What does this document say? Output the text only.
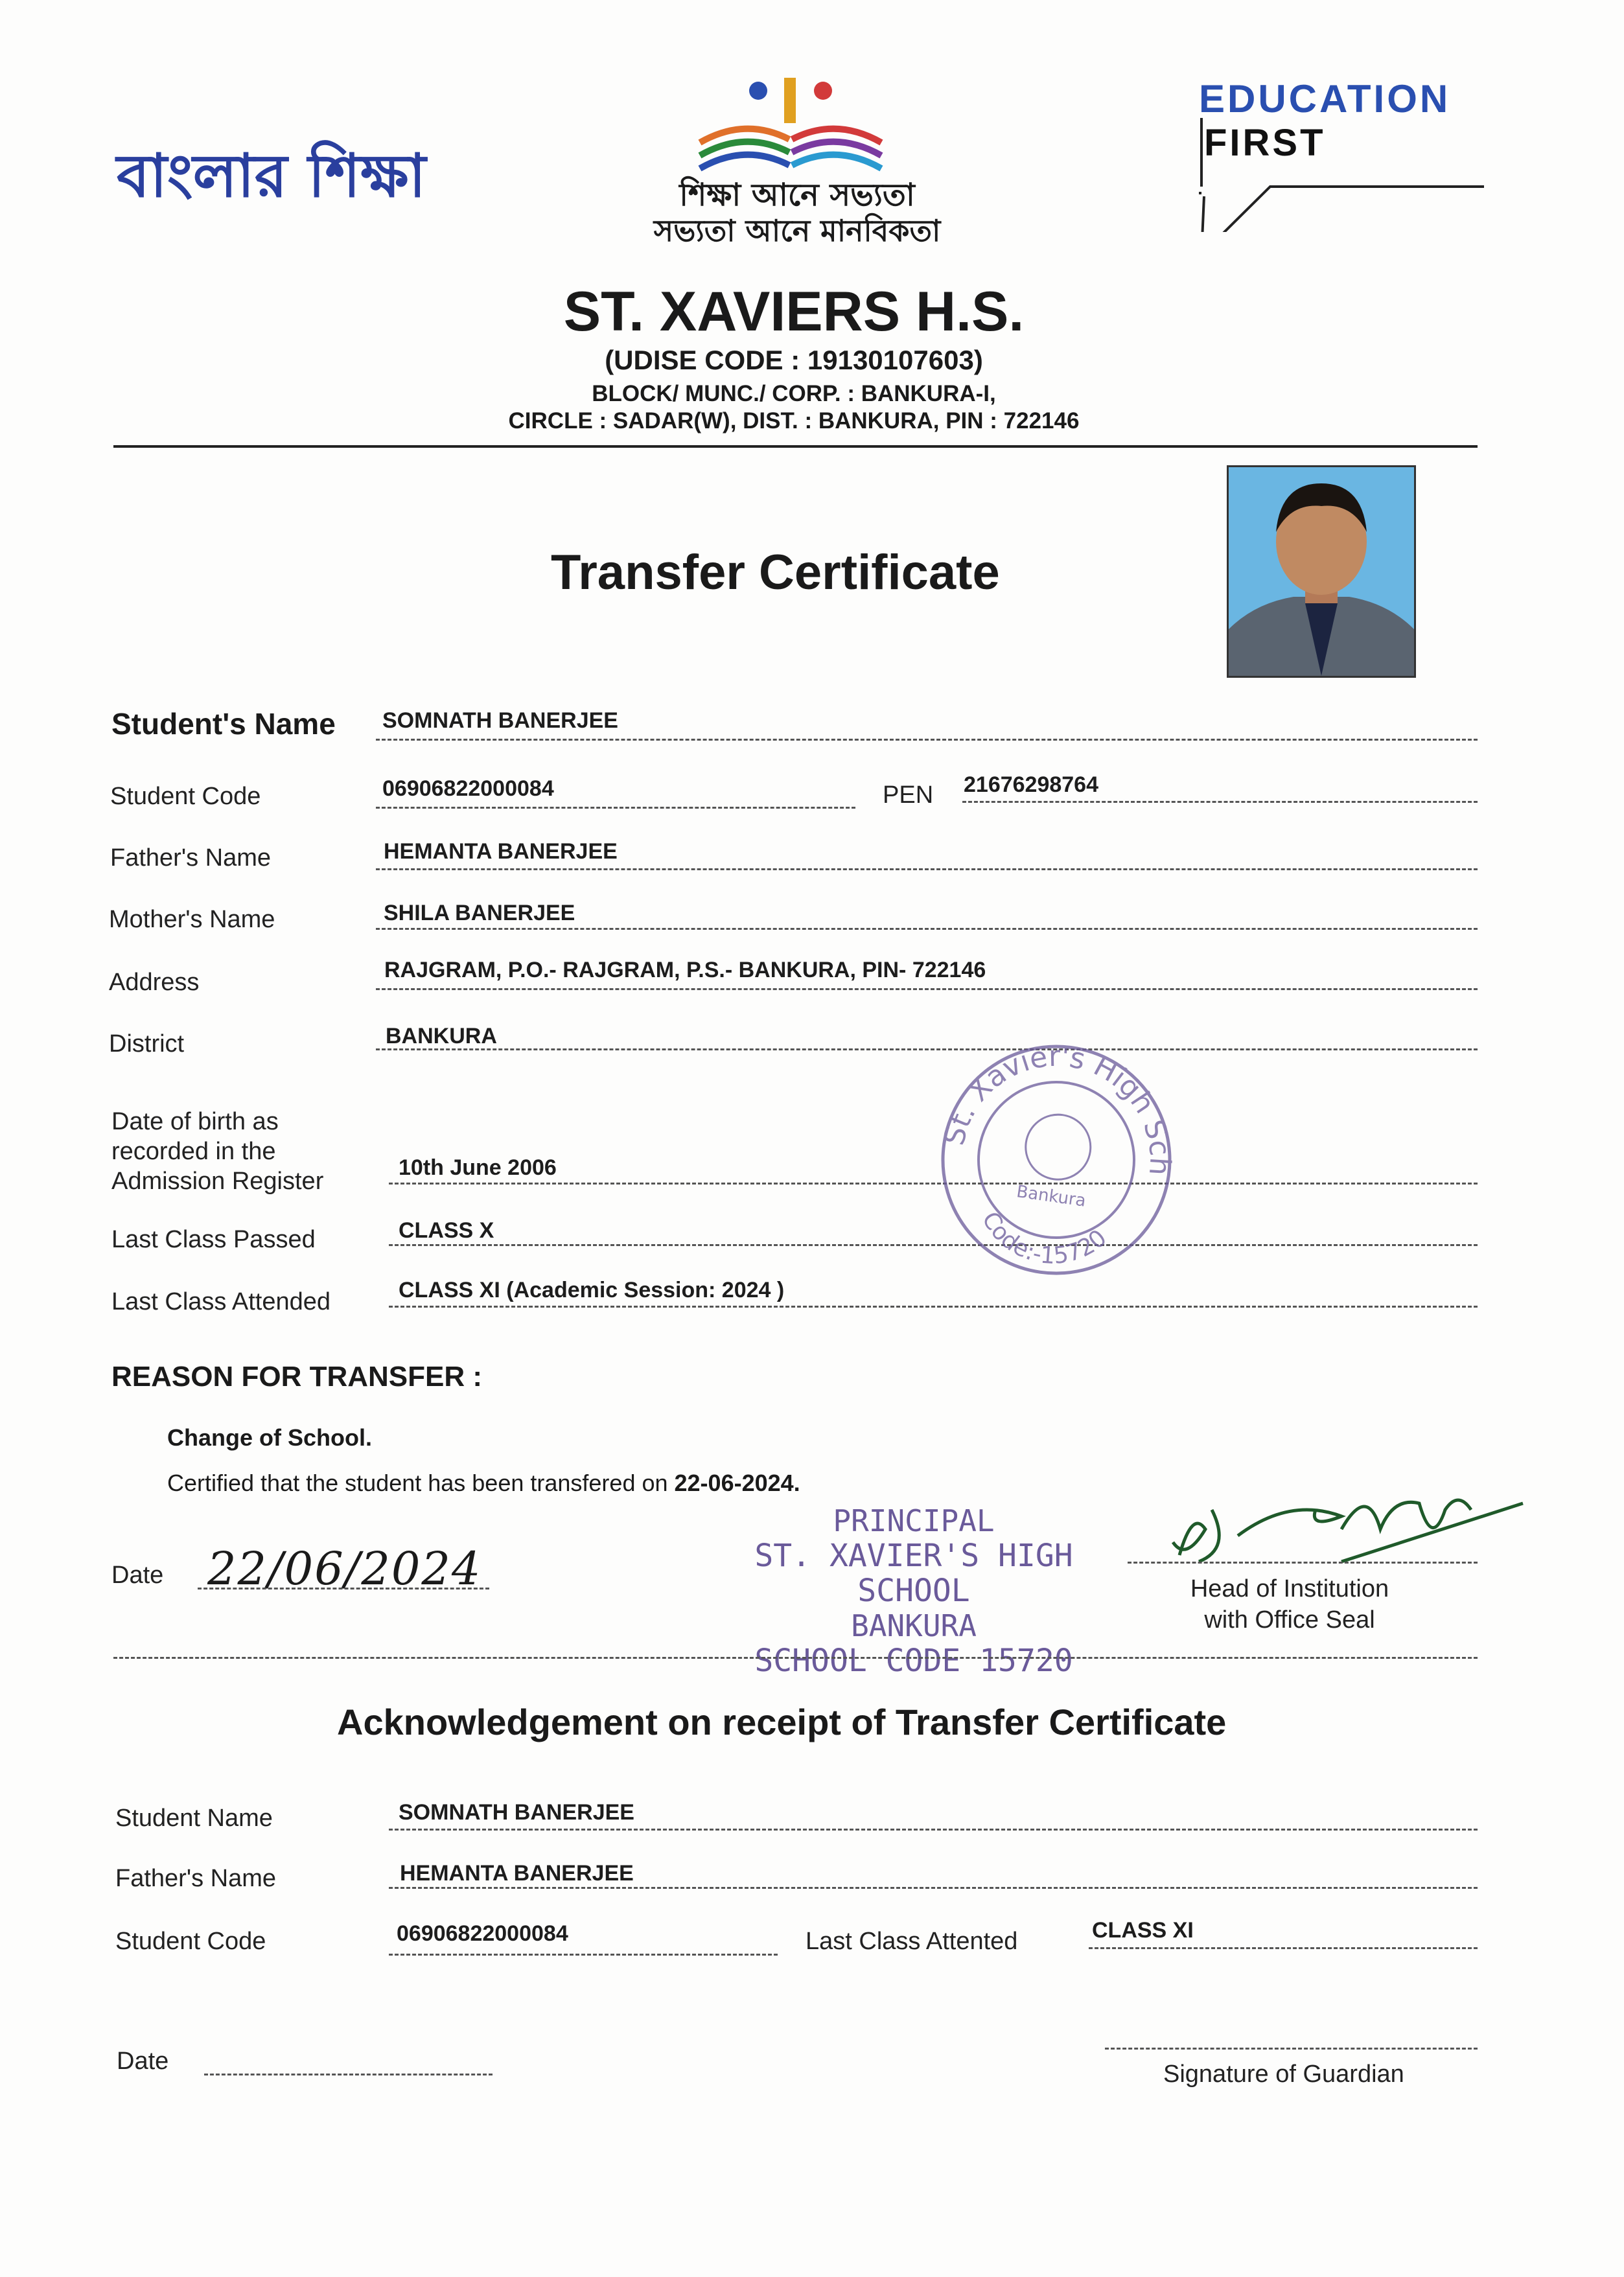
বাংলার শিক্ষা	শিক্ষা আনে সভ্যতা
সভ্যতা আনে মানবিকতা
EDUCATION
FIRST
ST. XAVIERS H.S.
(UDISE CODE : 19130107603)
BLOCK/ MUNC./ CORP. : BANKURA-I,
CIRCLE : SADAR(W), DIST. : BANKURA, PIN : 722146
Transfer Certificate
Student's Name SOMNATH BANERJEE
Student Code	06906822000084	PEN 21676298764
Father's Name	HEMANTA BANERJEE
Mother's Name	SHILA BANERJEE
Address	RAJGRAM, P.O.- RAJGRAM, P.S.- BANKURA, PIN- 722146
District	BANKURA
Date of birth as
recorded in the
Admission Register	10th June 2006
Last Class Passed	CLASS X
Last Class Attended	CLASS XI (Academic Session: 2024 )
St. Xavier's High School
Code:-15720
Bankura
REASON FOR TRANSFER :
Change of School.
Certified that the student has been transfered on 22-06-2024.
Date 22/06/2024
PRINCIPAL
ST. XAVIER'S HIGH SCHOOL
BANKURA
SCHOOL CODE 15720
Head of Institution
with Office Seal
Acknowledgement on receipt of Transfer Certificate
Student Name	SOMNATH BANERJEE
Father's Name	HEMANTA BANERJEE
Student Code	06906822000084	Last Class Attented	CLASS XI
Date	Signature of Guardian
